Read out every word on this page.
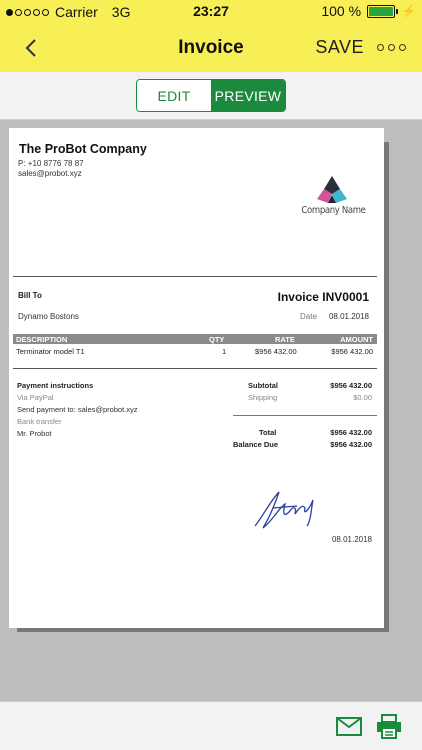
Carrier 3G	23:27	100 %	⚡
Invoice	SAVE
EDIT	PREVIEW
The ProBot Company
P: +10 8776 78 87
sales@probot.xyz
Company Name
Bill To
Dynamo Bostons
Invoice INV0001
Date 08.01.2018
DESCRIPTION	QTY	RATE	AMOUNT
Terminator model T1	1	$956 432.00	$956 432.00
Payment instructions
Via PayPal
Send payment to: sales@probot.xyz
Bank transfer
Mr. Probot
Subtotal	$956 432.00
Shipping	$0.00
Total	$956 432.00
Balance Due	$956 432.00
08.01.2018
